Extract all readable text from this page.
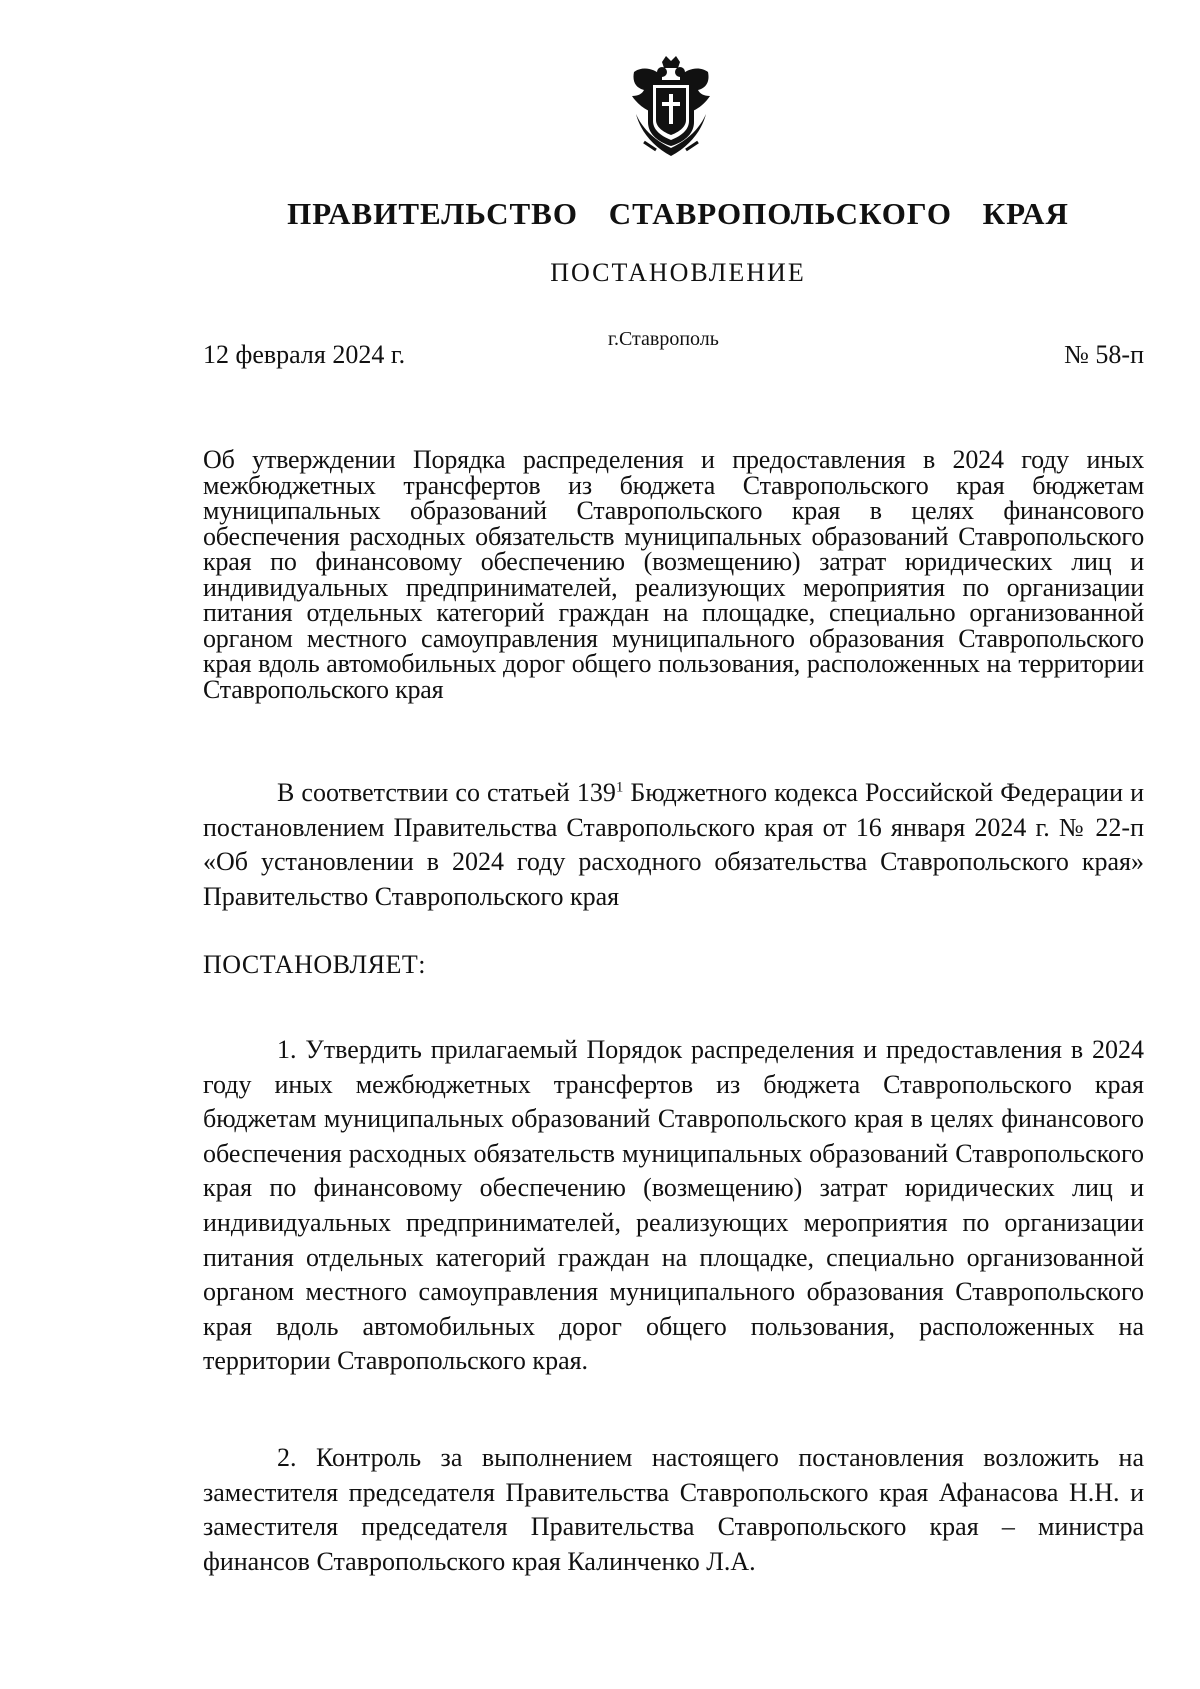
ПРАВИТЕЛЬСТВО СТАВРОПОЛЬСКОГО КРАЯ
ПОСТАНОВЛЕНИЕ
12 февраля 2024 г.
г.Ставрополь
№ 58-п
Об утверждении Порядка распределения и предоставления в 2024 году иных межбюджетных трансфертов из бюджета Ставропольского края бюджетам муниципальных образований Ставропольского края в целях финансового обеспечения расходных обязательств муниципальных образований Ставропольского края по финансовому обеспечению (возмещению) затрат юридических лиц и индивидуальных предпринимателей, реализующих мероприятия по организации питания отдельных категорий граждан на площадке, специально организованной органом местного самоуправления муниципального образования Ставропольского края вдоль автомобильных дорог общего пользования, расположенных на территории Ставропольского края

В соответствии со статьей $139^1$ Бюджетного кодекса Российской Федерации и постановлением Правительства Ставропольского края от 16 января 2024 г. № 22-п «Об установлении в 2024 году расходного обязательства Ставропольского края» Правительство Ставропольского края

ПОСТАНОВЛЯЕТ:

1. Утвердить прилагаемый Порядок распределения и предоставления в 2024 году иных межбюджетных трансфертов из бюджета Ставропольского края бюджетам муниципальных образований Ставропольского края в целях финансового обеспечения расходных обязательств муниципальных образований Ставропольского края по финансовому обеспечению (возмещению) затрат юридических лиц и индивидуальных предпринимателей, реализующих мероприятия по организации питания отдельных категорий граждан на площадке, специально организованной органом местного самоуправления муниципального образования Ставропольского края вдоль автомобильных дорог общего пользования, расположенных на территории Ставропольского края.

2. Контроль за выполнением настоящего постановления возложить на заместителя председателя Правительства Ставропольского края Афанасова Н.Н. и заместителя председателя Правительства Ставропольского края – министра финансов Ставропольского края Калинченко Л.А.
